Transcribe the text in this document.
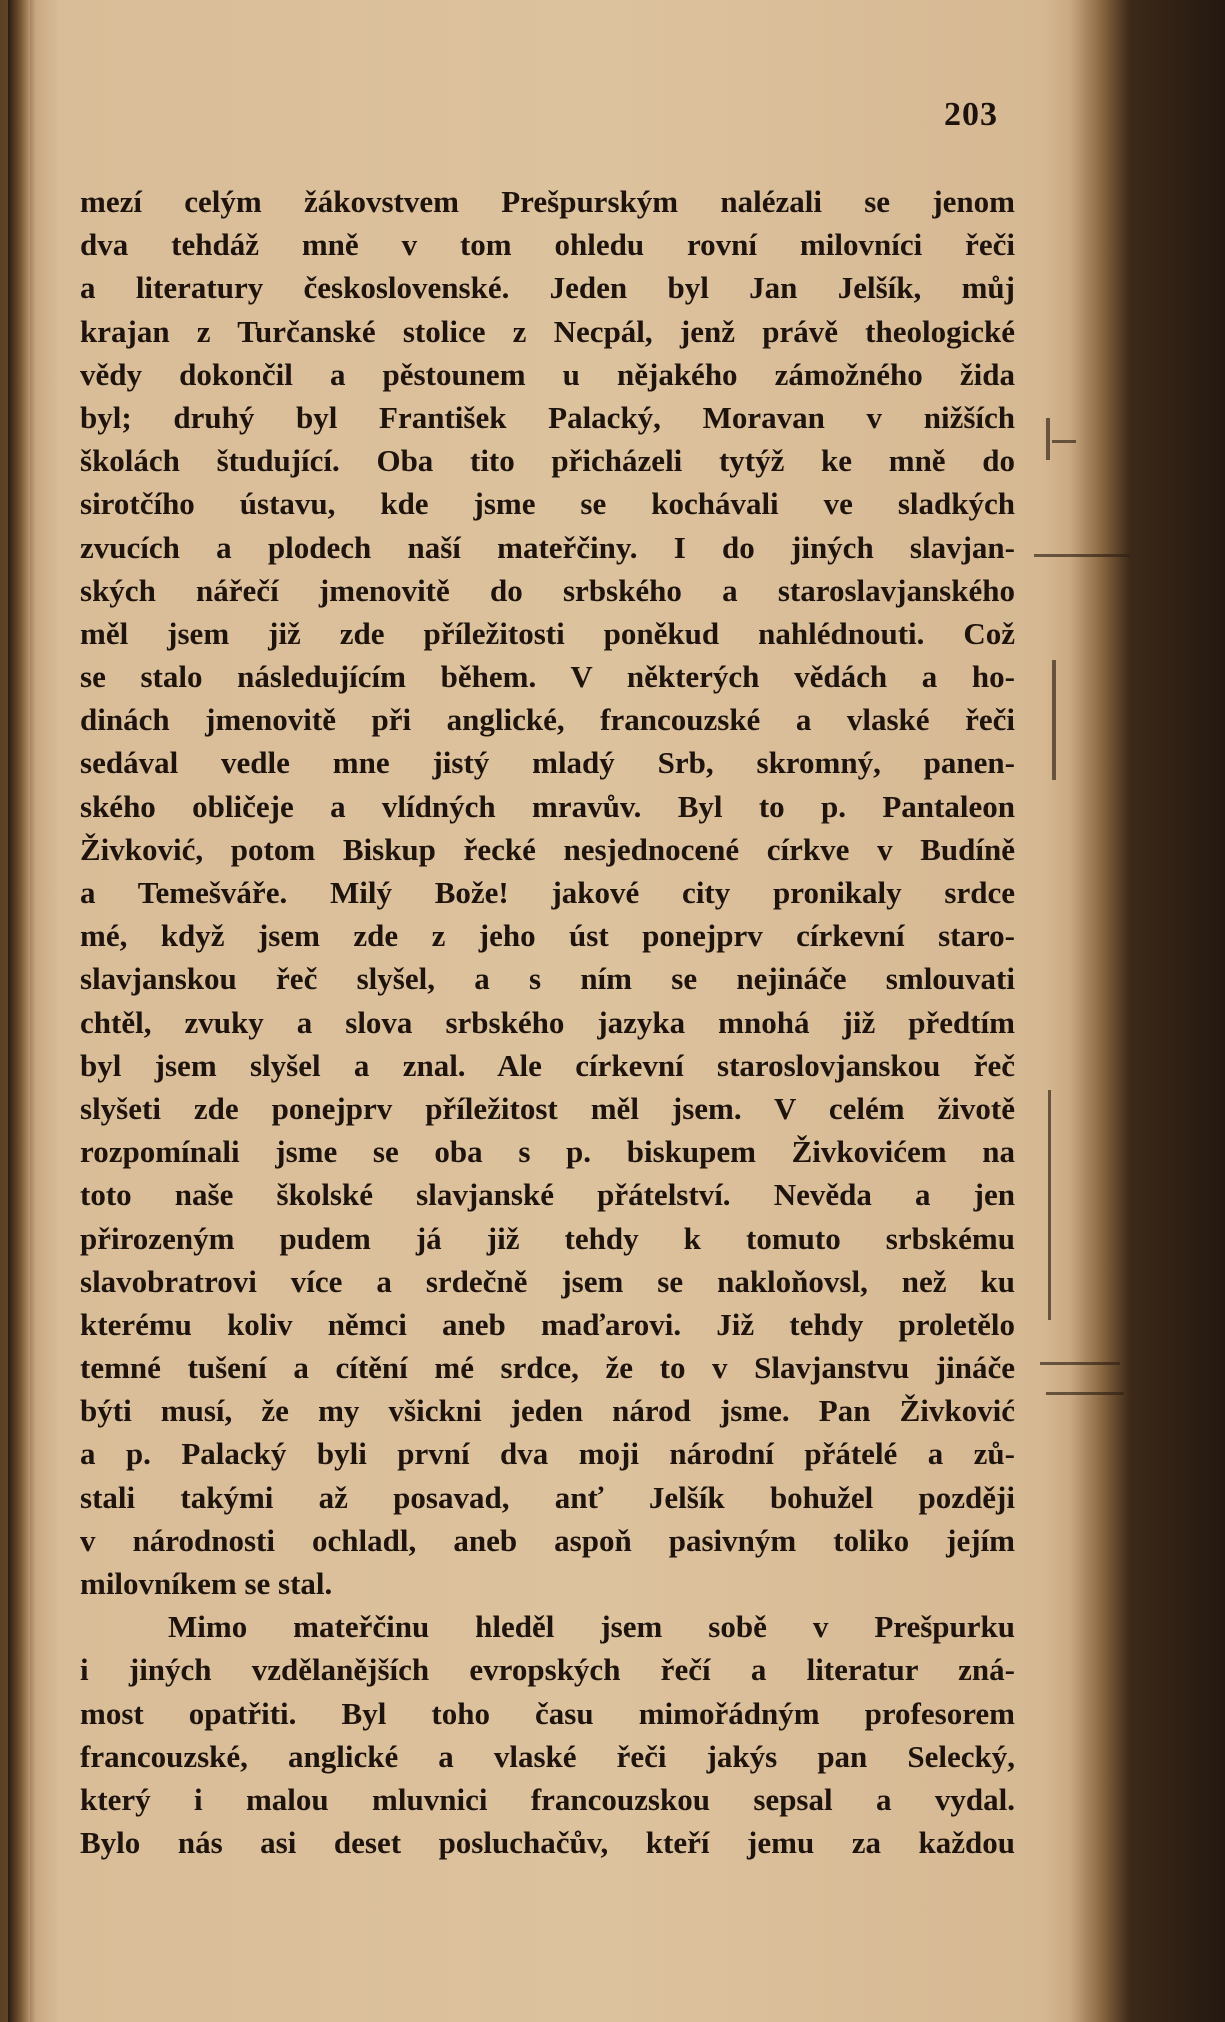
203
mezí celým žákovstvem Prešpurským nalézali se jenom
dva tehdáž mně v tom ohledu rovní milovníci řeči
a literatury československé. Jeden byl Jan Jelšík, můj
krajan z Turčanské stolice z Necpál, jenž právě theologické
vědy dokončil a pěstounem u nějakého zámožného žida
byl; druhý byl František Palacký, Moravan v nižších
školách študující. Oba tito přicházeli tytýž ke mně do
sirotčího ústavu, kde jsme se kochávali ve sladkých
zvucích a plodech naší mateřčiny. I do jiných slavjan-
ských nářečí jmenovitě do srbského a staroslavjanského
měl jsem již zde příležitosti poněkud nahlédnouti. Což
se stalo následujícím během. V některých vědách a ho-
dinách jmenovitě při anglické, francouzské a vlaské řeči
sedával vedle mne jistý mladý Srb, skromný, panen-
ského obličeje a vlídných mravův. Byl to p. Pantaleon
Živković, potom Biskup řecké nesjednocené církve v Budíně
a Temešváře. Milý Bože! jakové city pronikaly srdce
mé, když jsem zde z jeho úst ponejprv církevní staro-
slavjanskou řeč slyšel, a s ním se nejináče smlouvati
chtěl, zvuky a slova srbského jazyka mnohá již předtím
byl jsem slyšel a znal. Ale církevní staroslovjanskou řeč
slyšeti zde ponejprv příležitost měl jsem. V celém životě
rozpomínali jsme se oba s p. biskupem Živkovićem na
toto naše školské slavjanské přátelství. Nevěda a jen
přirozeným pudem já již tehdy k tomuto srbskému
slavobratrovi více a srdečně jsem se nakloňovsl, než ku
kterému koliv němci aneb maďarovi. Již tehdy proletělo
temné tušení a cítění mé srdce, že to v Slavjanstvu jináče
býti musí, že my všickni jeden národ jsme. Pan Živković
a p. Palacký byli první dva moji národní přátelé a zů-
stali takými až posavad, anť Jelšík bohužel později
v národnosti ochladl, aneb aspoň pasivným toliko jejím
milovníkem se stal.
Mimo mateřčinu hleděl jsem sobě v Prešpurku
i jiných vzdělanějších evropských řečí a literatur zná-
most opatřiti. Byl toho času mimořádným profesorem
francouzské, anglické a vlaské řeči jakýs pan Selecký,
který i malou mluvnici francouzskou sepsal a vydal.
Bylo nás asi deset posluchačův, kteří jemu za každou
